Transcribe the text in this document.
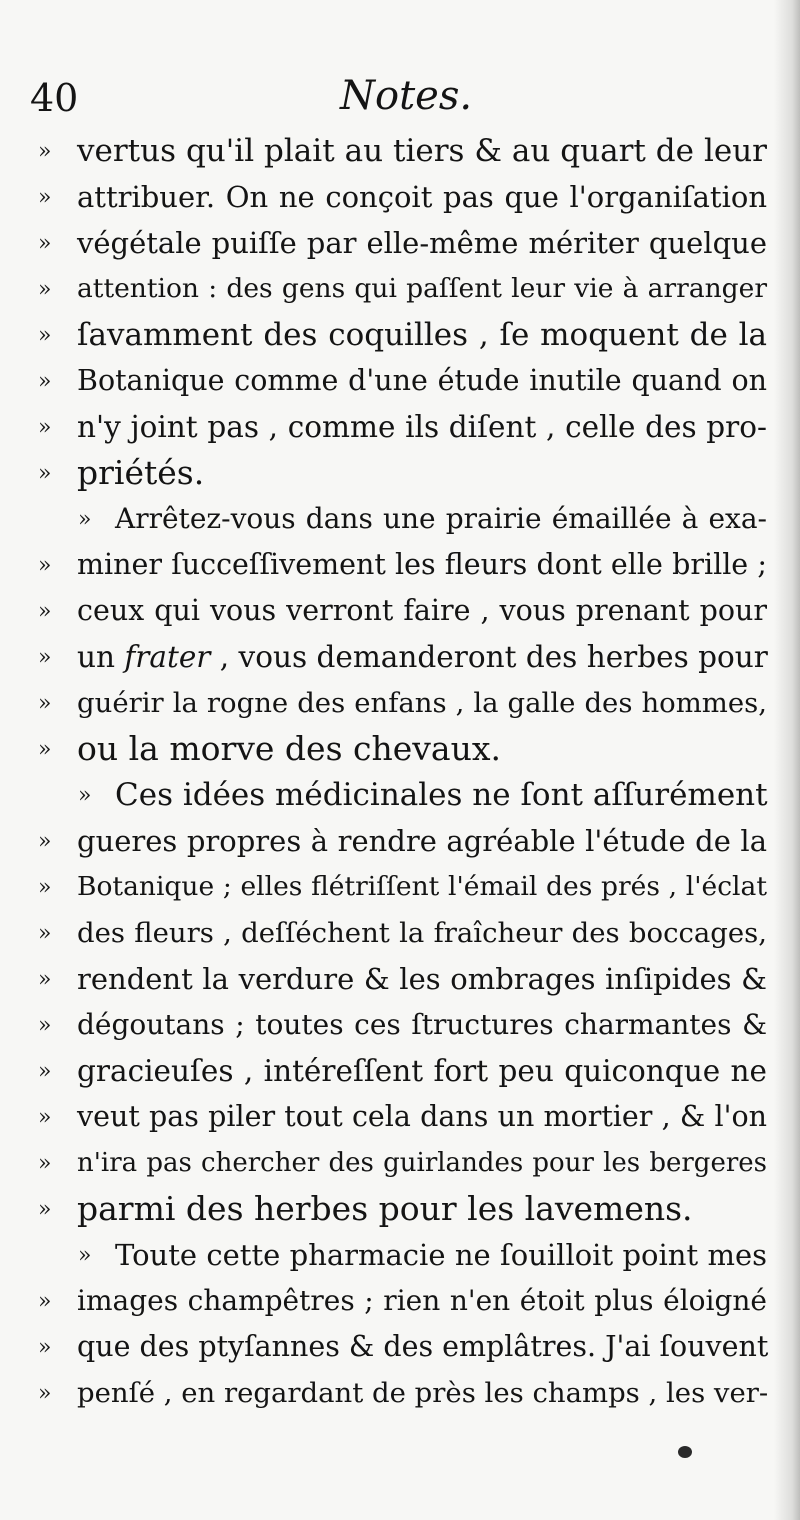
40	Notes.
» vertus qu'il plait au tiers & au quart de leur
» attribuer. On ne conçoit pas que l'organiſation
» végétale puiſſe par elle-même mériter quelque
» attention : des gens qui paſſent leur vie à arranger
» ſavamment des coquilles , ſe moquent de la
» Botanique comme d'une étude inutile quand on
» n'y joint pas , comme ils diſent , celle des pro-
» priétés.
» Arrêtez-vous dans une prairie émaillée à exa-
» miner ſucceſſivement les fleurs dont elle brille ;
» ceux qui vous verront faire , vous prenant pour
» un frater , vous demanderont des herbes pour
» guérir la rogne des enfans , la galle des hommes,
» ou la morve des chevaux.
» Ces idées médicinales ne ſont aſſurément
» gueres propres à rendre agréable l'étude de la
» Botanique ; elles flétriſſent l'émail des prés , l'éclat
» des fleurs , deſſéchent la fraîcheur des boccages,
» rendent la verdure & les ombrages inſipides &
» dégoutans ; toutes ces ſtructures charmantes &
» gracieuſes , intéreſſent fort peu quiconque ne
» veut pas piler tout cela dans un mortier , & l'on
» n'ira pas chercher des guirlandes pour les bergeres
» parmi des herbes pour les lavemens.
» Toute cette pharmacie ne ſouilloit point mes
» images champêtres ; rien n'en étoit plus éloigné
» que des ptyſannes & des emplâtres. J'ai ſouvent
» penſé , en regardant de près les champs , les ver-
